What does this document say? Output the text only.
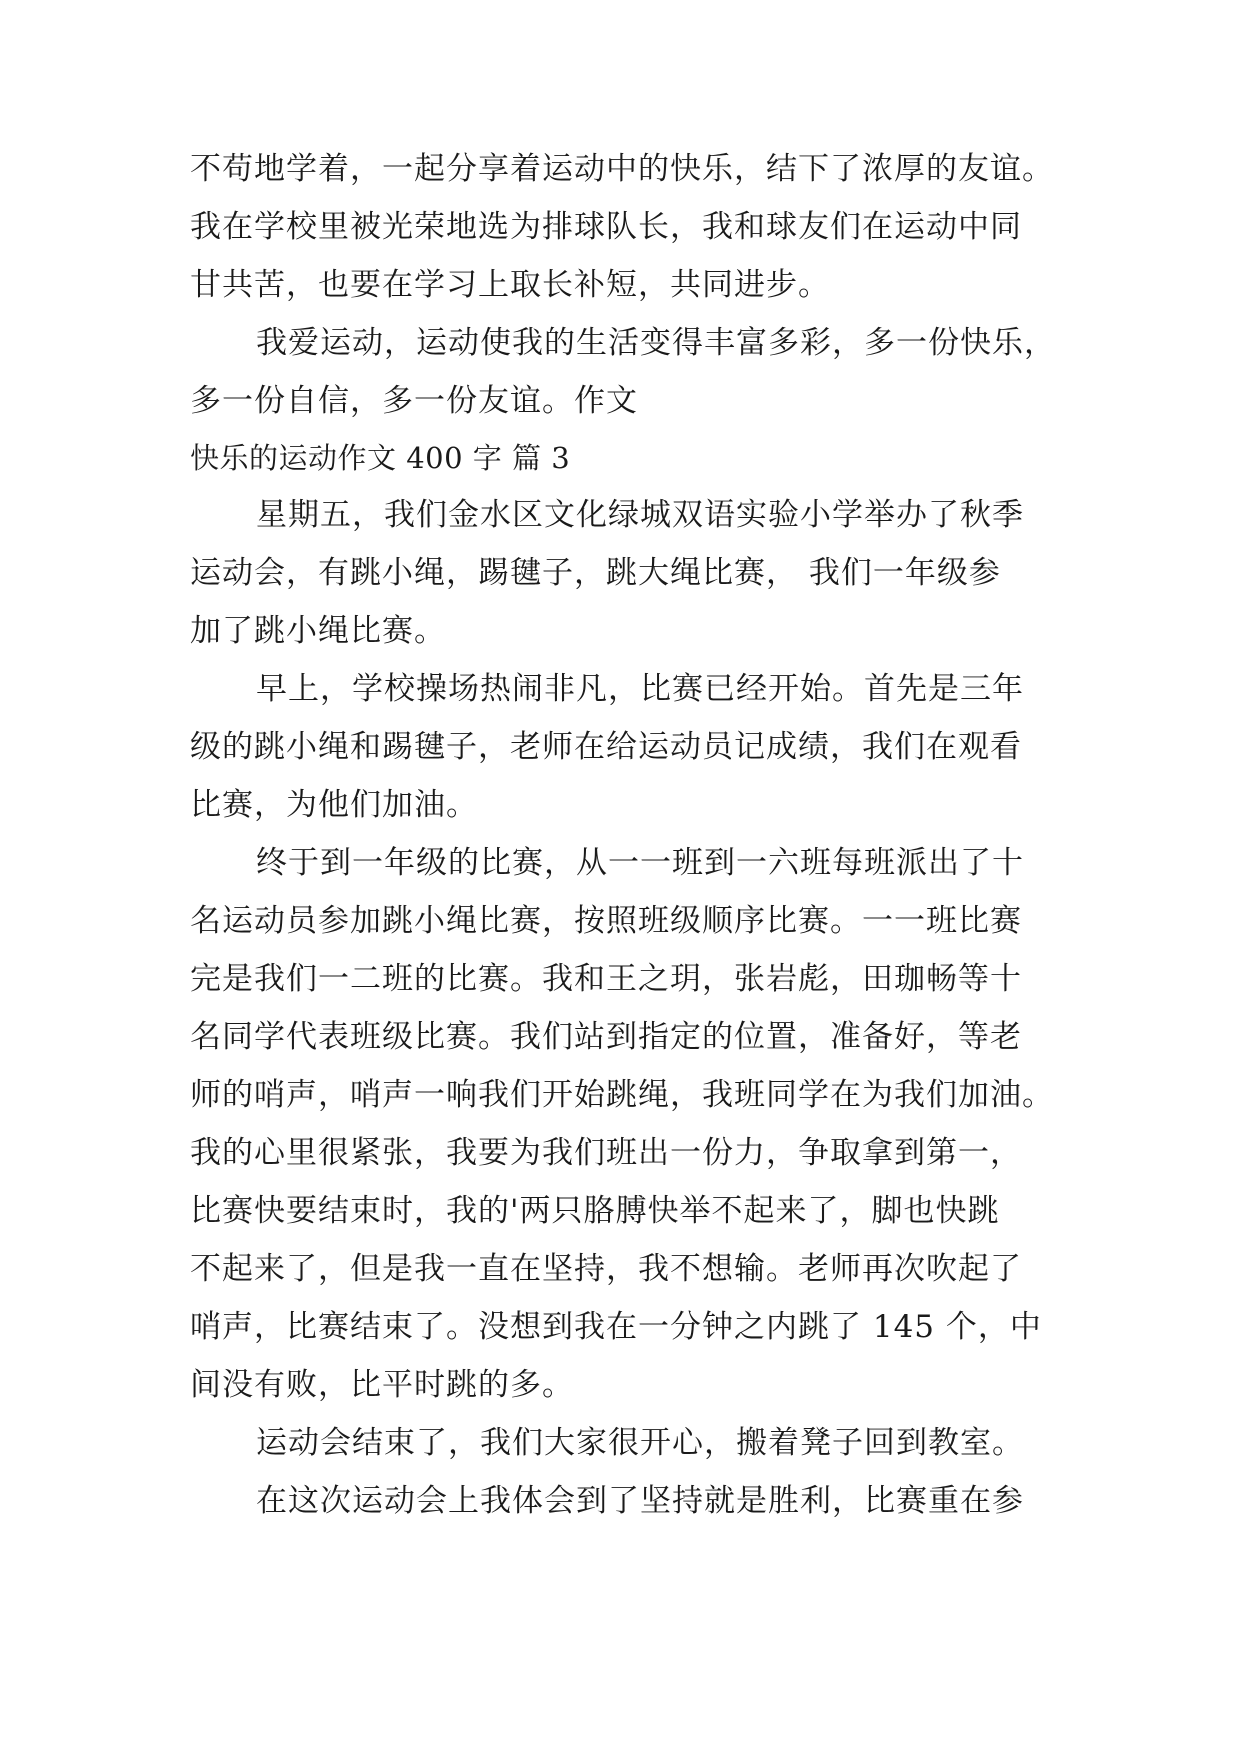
不苟地学着，一起分享着运动中的快乐，结下了浓厚的友谊。
我在学校里被光荣地选为排球队长，我和球友们在运动中同
甘共苦，也要在学习上取长补短，共同进步。
我爱运动，运动使我的生活变得丰富多彩，多一份快乐，
多一份自信，多一份友谊。作文
快乐的运动作文 400 字 篇 3
星期五，我们金水区文化绿城双语实验小学举办了秋季
运动会，有跳小绳，踢毽子，跳大绳比赛， 我们一年级参
加了跳小绳比赛。
早上，学校操场热闹非凡，比赛已经开始。首先是三年
级的跳小绳和踢毽子，老师在给运动员记成绩，我们在观看
比赛，为他们加油。
终于到一年级的比赛，从一一班到一六班每班派出了十
名运动员参加跳小绳比赛，按照班级顺序比赛。一一班比赛
完是我们一二班的比赛。我和王之玥，张岩彪，田珈畅等十
名同学代表班级比赛。我们站到指定的位置，准备好，等老
师的哨声，哨声一响我们开始跳绳，我班同学在为我们加油。
我的心里很紧张，我要为我们班出一份力，争取拿到第一，
比赛快要结束时，我的'两只胳膊快举不起来了，脚也快跳
不起来了，但是我一直在坚持，我不想输。老师再次吹起了
哨声，比赛结束了。没想到我在一分钟之内跳了 145 个，中
间没有败，比平时跳的多。
运动会结束了，我们大家很开心，搬着凳子回到教室。
在这次运动会上我体会到了坚持就是胜利，比赛重在参
